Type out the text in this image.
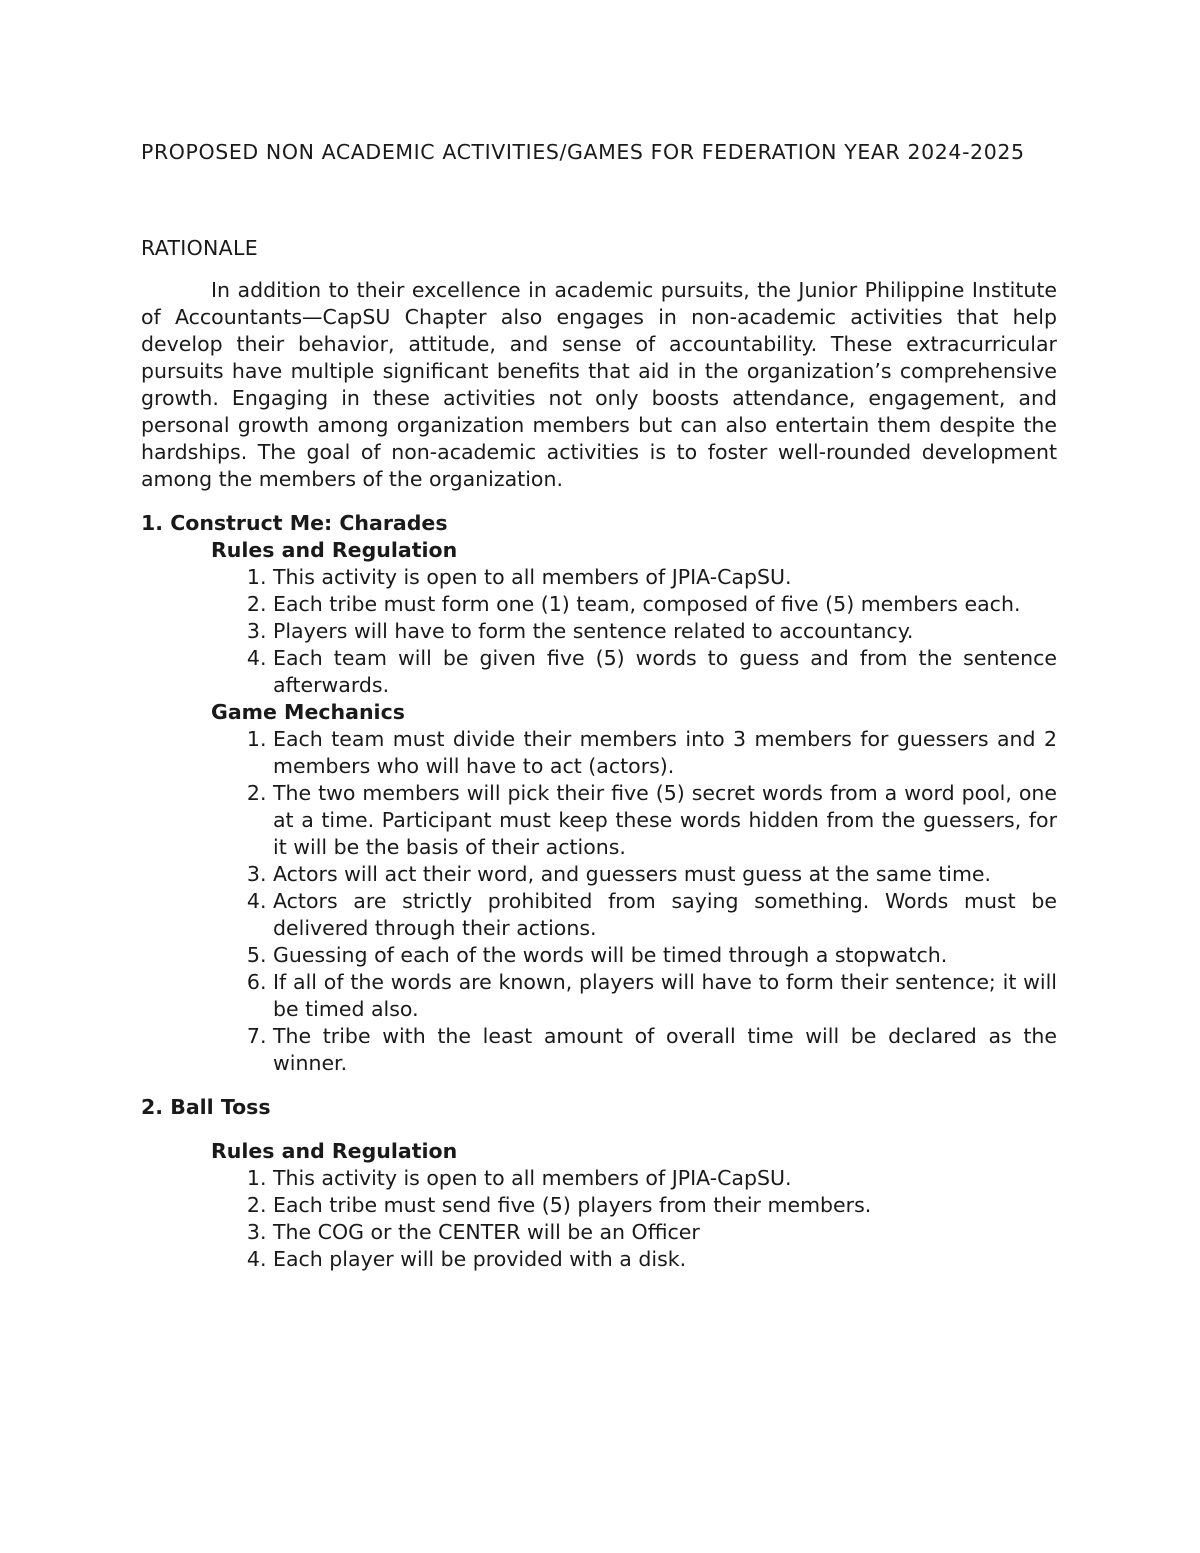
PROPOSED NON ACADEMIC ACTIVITIES/GAMES FOR FEDERATION YEAR 2024-2025

RATIONALE

In addition to their excellence in academic pursuits, the Junior Philippine Institute of Accountants—CapSU Chapter also engages in non-academic activities that help develop their behavior, attitude, and sense of accountability. These extracurricular pursuits have multiple significant benefits that aid in the organization’s comprehensive growth. Engaging in these activities not only boosts attendance, engagement, and personal growth among organization members but can also entertain them despite the hardships. The goal of non-academic activities is to foster well-rounded development among the members of the organization.

1. Construct Me: Charades

Rules and Regulation

1. This activity is open to all members of JPIA-CapSU.
2. Each tribe must form one (1) team, composed of five (5) members each.
3. Players will have to form the sentence related to accountancy.
4. Each team will be given five (5) words to guess and from the sentence afterwards.

Game Mechanics

1. Each team must divide their members into 3 members for guessers and 2 members who will have to act (actors).
2. The two members will pick their five (5) secret words from a word pool, one at a time. Participant must keep these words hidden from the guessers, for it will be the basis of their actions.
3. Actors will act their word, and guessers must guess at the same time.
4. Actors are strictly prohibited from saying something. Words must be delivered through their actions.
5. Guessing of each of the words will be timed through a stopwatch.
6. If all of the words are known, players will have to form their sentence; it will be timed also.
7. The tribe with the least amount of overall time will be declared as the winner.

2. Ball Toss

Rules and Regulation

1. This activity is open to all members of JPIA-CapSU.
2. Each tribe must send five (5) players from their members.
3. The COG or the CENTER will be an Officer
4. Each player will be provided with a disk.
